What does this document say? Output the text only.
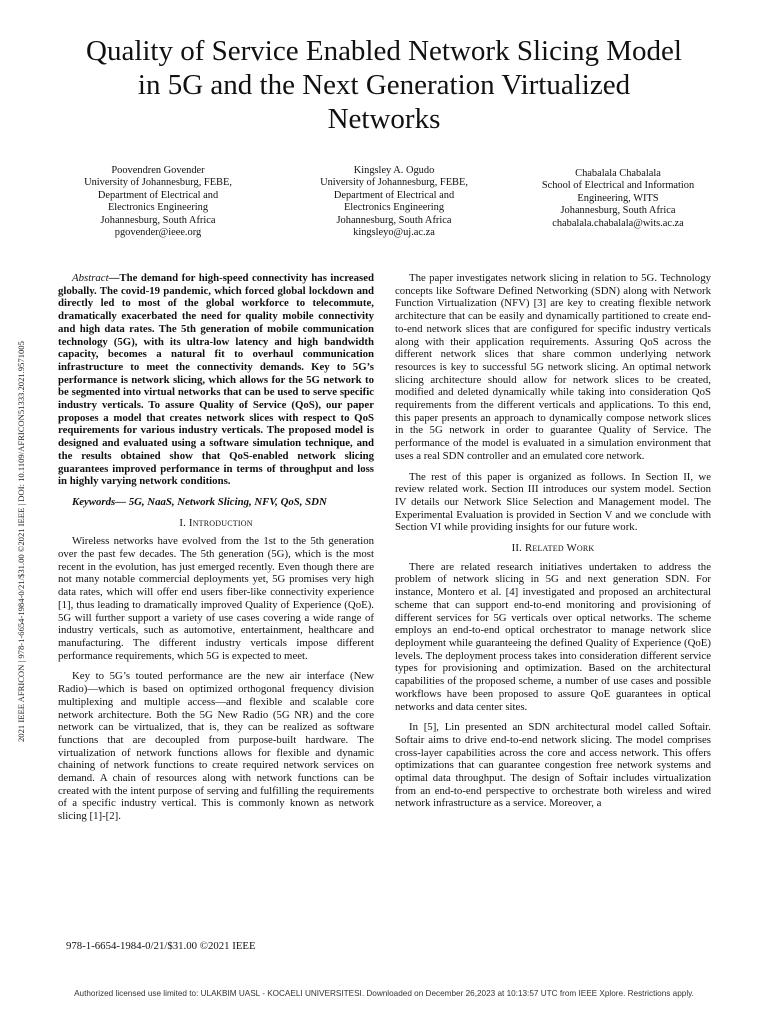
Quality of Service Enabled Network Slicing Model
in 5G and the Next Generation Virtualized
Networks
Poovendren Govender
University of Johannesburg, FEBE,
Department of Electrical and
Electronics Engineering
Johannesburg, South Africa
pgovender@ieee.org
Kingsley A. Ogudo
University of Johannesburg, FEBE,
Department of Electrical and
Electronics Engineering
Johannesburg, South Africa
kingsleyo@uj.ac.za
Chabalala Chabalala
School of Electrical and Information
Engineering, WITS
Johannesburg, South Africa
chabalala.chabalala@wits.ac.za
2021 IEEE AFRICON | 978-1-6654-1984-0/21/$31.00 ©2021 IEEE | DOI: 10.1109/AFRICON51333.2021.9571005

Abstract—The demand for high-speed connectivity has increased globally. The covid-19 pandemic, which forced global lockdown and directly led to most of the global workforce to telecommute, dramatically exacerbated the need for quality mobile connectivity and high data rates. The 5th generation of mobile communication technology (5G), with its ultra-low latency and high bandwidth capacity, becomes a natural fit to overhaul communication infrastructure to meet the connectivity demands. Key to 5G’s performance is network slicing, which allows for the 5G network to be segmented into virtual networks that can be used to serve specific industry verticals. To assure Quality of Service (QoS), our paper proposes a model that creates network slices with respect to QoS requirements for various industry verticals. The proposed model is designed and evaluated using a software simulation technique, and the results obtained show that QoS-enabled network slicing guarantees improved performance in terms of throughput and loss in highly varying network conditions.

Keywords— 5G, NaaS, Network Slicing, NFV, QoS, SDN

I. Introduction

Wireless networks have evolved from the 1st to the 5th generation over the past few decades. The 5th generation (5G), which is the most recent in the evolution, has just emerged recently. Even though there are not many notable commercial deployments yet, 5G promises very high data rates, which will offer end users fiber-like connectivity experience [1], thus leading to dramatically improved Quality of Experience (QoE). 5G will further support a variety of use cases covering a wide range of industry verticals, such as automotive, entertainment, healthcare and manufacturing. The different industry verticals impose different performance requirements, which 5G is expected to meet.

Key to 5G’s touted performance are the new air interface (New Radio)—which is based on optimized orthogonal frequency division multiplexing and multiple access—and flexible and scalable core network architecture. Both the 5G New Radio (5G NR) and the core network can be virtualized, that is, they can be realized as software functions that are decoupled from purpose-built hardware. The virtualization of network functions allows for flexible and dynamic chaining of network functions to create required network services on demand. A chain of resources along with network functions can be created with the intent purpose of serving and fulfilling the requirements of a specific industry vertical. This is commonly known as network slicing [1]-[2].

The paper investigates network slicing in relation to 5G. Technology concepts like Software Defined Networking (SDN) along with Network Function Virtualization (NFV) [3] are key to creating flexible network architecture that can be easily and dynamically partitioned to create end-to-end network slices that are configured for specific industry verticals along with their application requirements. Assuring QoS across the different network slices that share common underlying network resources is key to successful 5G network slicing. An optimal network slicing architecture should allow for network slices to be created, modified and deleted dynamically while taking into consideration QoS requirements from the different verticals and applications. To this end, this paper presents an approach to dynamically compose network slices in the 5G network in order to guarantee Quality of Service. The performance of the model is evaluated in a simulation environment that uses a real SDN controller and an emulated core network.

The rest of this paper is organized as follows. In Section II, we review related work. Section III introduces our system model. Section IV details our Network Slice Selection and Management model. The Experimental Evaluation is provided in Section V and we conclude with Section VI while providing insights for our future work.

II. Related Work

There are related research initiatives undertaken to address the problem of network slicing in 5G and next generation SDN. For instance, Montero et al. [4] investigated and proposed an architectural scheme that can support end-to-end monitoring and provisioning of different services for 5G verticals over optical networks. The scheme employs an end-to-end optical orchestrator to manage network slice deployment while guaranteeing the defined Quality of Experience (QoE) levels. The deployment process takes into consideration different service types for provisioning and optimization. Based on the architectural capabilities of the proposed scheme, a number of use cases and possible workflows have been proposed to assure QoE guarantees in optical networks and data center sites.

In [5], Lin presented an SDN architectural model called Softair. Softair aims to drive end-to-end network slicing. The model comprises cross-layer capabilities across the core and access network. This offers optimizations that can guarantee congestion free network systems and optimal data throughput. The design of Softair includes virtualization from an end-to-end perspective to orchestrate both wireless and wired network infrastructure as a service. Moreover, a

978-1-6654-1984-0/21/$31.00 ©2021 IEEE
Authorized licensed use limited to: ULAKBIM UASL - KOCAELI UNIVERSITESI. Downloaded on December 26,2023 at 10:13:57 UTC from IEEE Xplore. Restrictions apply.
